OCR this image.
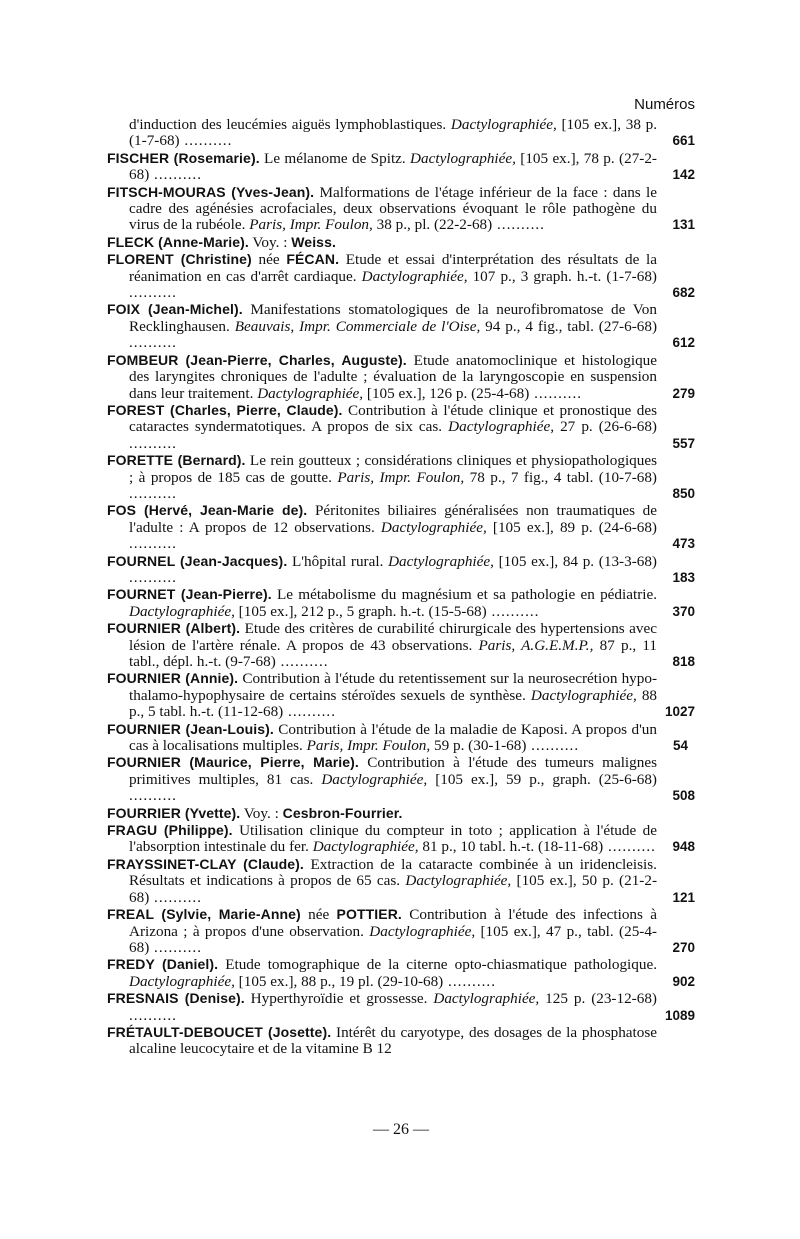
Numéros

d'induction des leucémies aiguës lymphoblastiques. Dactylographiée, [105 ex.], 38 p. (1-7-68) ..........	661

FISCHER (Rosemarie). Le mélanome de Spitz. Dactylographiée, [105 ex.], 78 p. (27-2-68) ..........	142

FITSCH-MOURAS (Yves-Jean). Malformations de l'étage inférieur de la face : dans le cadre des agénésies acrofaciales, deux observations évoquant le rôle pathogène du virus de la rubéole. Paris, Impr. Foulon, 38 p., pl. (22-2-68) ..........	131

FLECK (Anne-Marie). Voy. : Weiss.

FLORENT (Christine) née FÉCAN. Etude et essai d'interprétation des résultats de la réanimation en cas d'arrêt cardiaque. Dactylographiée, 107 p., 3 graph. h.-t. (1-7-68) ..........	682

FOIX (Jean-Michel). Manifestations stomatologiques de la neurofibromatose de Von Recklinghausen. Beauvais, Impr. Commerciale de l'Oise, 94 p., 4 fig., tabl. (27-6-68) ..........	612

FOMBEUR (Jean-Pierre, Charles, Auguste). Etude anatomoclinique et histologique des laryngites chroniques de l'adulte ; évaluation de la laryngoscopie en suspension dans leur traitement. Dactylographiée, [105 ex.], 126 p. (25-4-68) ..........	279

FOREST (Charles, Pierre, Claude). Contribution à l'étude clinique et pronostique des cataractes syndermatotiques. A propos de six cas. Dactylographiée, 27 p. (26-6-68) ..........	557

FORETTE (Bernard). Le rein goutteux ; considérations cliniques et physiopathologiques ; à propos de 185 cas de goutte. Paris, Impr. Foulon, 78 p., 7 fig., 4 tabl. (10-7-68) ..........	850

FOS (Hervé, Jean-Marie de). Péritonites biliaires généralisées non traumatiques de l'adulte : A propos de 12 observations. Dactylographiée, [105 ex.], 89 p. (24-6-68) ..........	473

FOURNEL (Jean-Jacques). L'hôpital rural. Dactylographiée, [105 ex.], 84 p. (13-3-68) ..........	183

FOURNET (Jean-Pierre). Le métabolisme du magnésium et sa pathologie en pédiatrie. Dactylographiée, [105 ex.], 212 p., 5 graph. h.-t. (15-5-68) ..........	370

FOURNIER (Albert). Etude des critères de curabilité chirurgicale des hypertensions avec lésion de l'artère rénale. A propos de 43 observations. Paris, A.G.E.M.P., 87 p., 11 tabl., dépl. h.-t. (9-7-68) ..........	818

FOURNIER (Annie). Contribution à l'étude du retentissement sur la neurosecrétion hypo-thalamo-hypophysaire de certains stéroïdes sexuels de synthèse. Dactylographiée, 88 p., 5 tabl. h.-t. (11-12-68) ..........	1027

FOURNIER (Jean-Louis). Contribution à l'étude de la maladie de Kaposi. A propos d'un cas à localisations multiples. Paris, Impr. Foulon, 59 p. (30-1-68) ..........	54

FOURNIER (Maurice, Pierre, Marie). Contribution à l'étude des tumeurs malignes primitives multiples, 81 cas. Dactylographiée, [105 ex.], 59 p., graph. (25-6-68) ..........	508

FOURRIER (Yvette). Voy. : Cesbron-Fourrier.

FRAGU (Philippe). Utilisation clinique du compteur in toto ; application à l'étude de l'absorption intestinale du fer. Dactylographiée, 81 p., 10 tabl. h.-t. (18-11-68) .......... 948

FRAYSSINET-CLAY (Claude). Extraction de la cataracte combinée à un iridencleisis. Résultats et indications à propos de 65 cas. Dactylographiée, [105 ex.], 50 p. (21-2-68) ..........	121

FREAL (Sylvie, Marie-Anne) née POTTIER. Contribution à l'étude des infections à Arizona ; à propos d'une observation. Dactylographiée, [105 ex.], 47 p., tabl. (25-4-68) ..........	270

FREDY (Daniel). Etude tomographique de la citerne opto-chiasmatique pathologique. Dactylographiée, [105 ex.], 88 p., 19 pl. (29-10-68) ..........	902

FRESNAIS (Denise). Hyperthyroïdie et grossesse. Dactylographiée, 125 p. (23-12-68) ..........	1089

FRÉTAULT-DEBOUCET (Josette). Intérêt du caryotype, des dosages de la phosphatose alcaline leucocytaire et de la vitamine B 12

— 26 —
